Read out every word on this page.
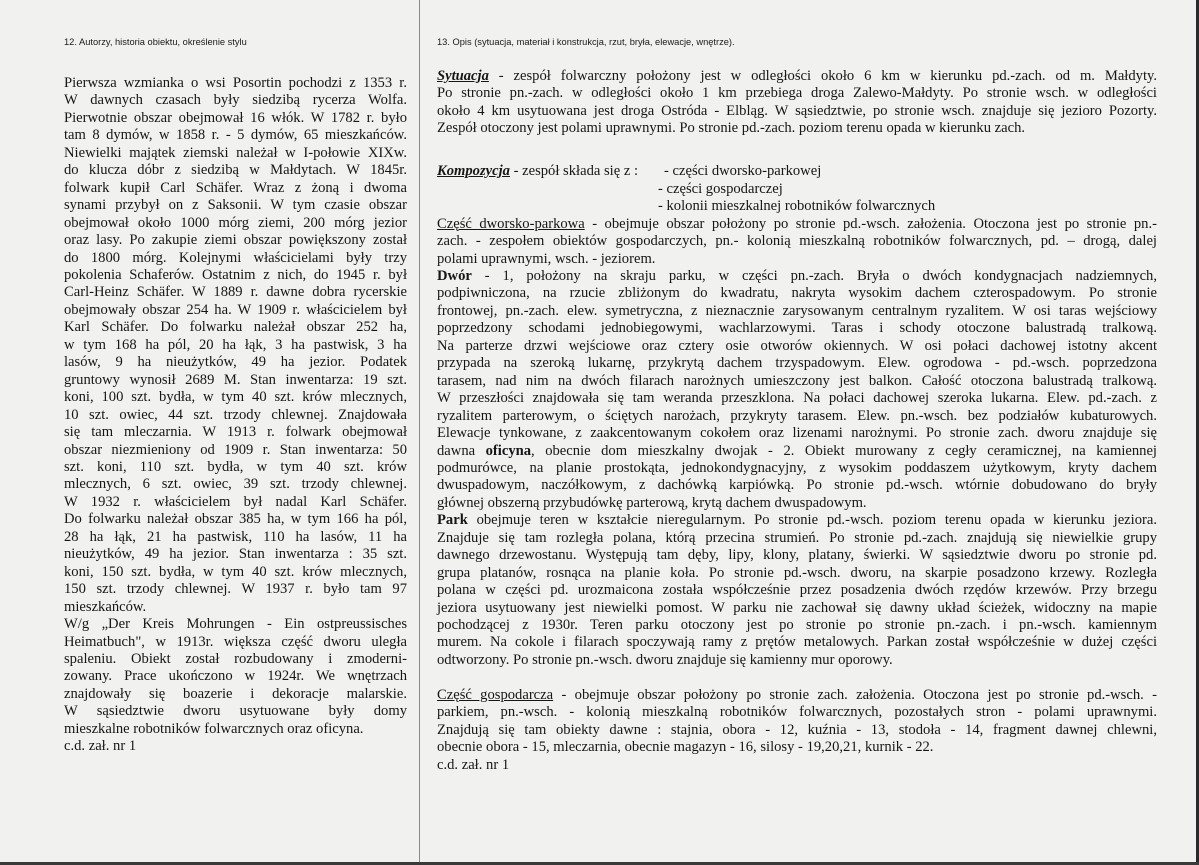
12. Autorzy, historia obiektu, określenie stylu	13. Opis (sytuacja, materiał i konstrukcja, rzut, bryła, elewacje, wnętrze).
Pierwsza wzmianka o wsi Posortin pochodzi z 1353 r.
W dawnych czasach były siedzibą rycerza Wolfa.
Pierwotnie obszar obejmował 16 włók. W 1782 r. było
tam 8 dymów, w 1858 r. - 5 dymów, 65 mieszkańców.
Niewielki majątek ziemski należał w I-połowie XIXw.
do klucza dóbr z siedzibą w Małdytach. W 1845r.
folwark kupił Carl Schäfer. Wraz z żoną i dwoma
synami przybył on z Saksonii. W tym czasie obszar
obejmował około 1000 mórg ziemi, 200 mórg jezior
oraz lasy. Po zakupie ziemi obszar powiększony został
do 1800 mórg. Kolejnymi właścicielami były trzy
pokolenia Schaferów. Ostatnim z nich, do 1945 r. był
Carl-Heinz Schäfer. W 1889 r. dawne dobra rycerskie
obejmowały obszar 254 ha. W 1909 r. właścicielem był
Karl Schäfer. Do folwarku należał obszar 252 ha,
w tym 168 ha pól, 20 ha łąk, 3 ha pastwisk, 3 ha
lasów, 9 ha nieużytków, 49 ha jezior. Podatek
gruntowy wynosił 2689 M. Stan inwentarza: 19 szt.
koni, 100 szt. bydła, w tym 40 szt. krów mlecznych,
10 szt. owiec, 44 szt. trzody chlewnej. Znajdowała
się tam mleczarnia. W 1913 r. folwark obejmował
obszar niezmieniony od 1909 r. Stan inwentarza: 50
szt. koni, 110 szt. bydła, w tym 40 szt. krów
mlecznych, 6 szt. owiec, 39 szt. trzody chlewnej.
W 1932 r. właścicielem był nadal Karl Schäfer.
Do folwarku należał obszar 385 ha, w tym 166 ha pól,
28 ha łąk, 21 ha pastwisk, 110 ha lasów, 11 ha
nieużytków, 49 ha jezior. Stan inwentarza : 35 szt.
koni, 150 szt. bydła, w tym 40 szt. krów mlecznych,
150 szt. trzody chlewnej. W 1937 r. było tam 97
mieszkańców.
W/g „Der Kreis Mohrungen - Ein ostpreussisches
Heimatbuch", w 1913r. większa część dworu uległa
spaleniu. Obiekt został rozbudowany i zmoderni-
zowany. Prace ukończono w 1924r. We wnętrzach
znajdowały się boazerie i dekoracje malarskie.
W sąsiedztwie dworu usytuowane były domy
mieszkalne robotników folwarcznych oraz oficyna.
c.d. zał. nr 1
Sytuacja - zespół folwarczny położony jest w odległości około 6 km w kierunku pd.-zach. od m. Małdyty.
Po stronie pn.-zach. w odległości około 1 km przebiega droga Zalewo-Małdyty. Po stronie wsch. w odległości
około 4 km usytuowana jest droga Ostróda - Elbląg. W sąsiedztwie, po stronie wsch. znajduje się jezioro Pozorty.
Zespół otoczony jest polami uprawnymi. Po stronie pd.-zach. poziom terenu opada w kierunku zach.
Kompozycja - zespół składa się z : - części dworsko-parkowej
- części gospodarczej
- kolonii mieszkalnej robotników folwarcznych
Część dworsko-parkowa - obejmuje obszar położony po stronie pd.-wsch. założenia. Otoczona jest po stronie pn.-
zach. - zespołem obiektów gospodarczych, pn.- kolonią mieszkalną robotników folwarcznych, pd. – drogą, dalej
polami uprawnymi, wsch. - jeziorem.
Dwór - 1, położony na skraju parku, w części pn.-zach. Bryła o dwóch kondygnacjach nadziemnych,
podpiwniczona, na rzucie zbliżonym do kwadratu, nakryta wysokim dachem czterospadowym. Po stronie
frontowej, pn.-zach. elew. symetryczna, z nieznacznie zarysowanym centralnym ryzalitem. W osi taras wejściowy
poprzedzony schodami jednobiegowymi, wachlarzowymi. Taras i schody otoczone balustradą tralkową.
Na parterze drzwi wejściowe oraz cztery osie otworów okiennych. W osi połaci dachowej istotny akcent
przypada na szeroką lukarnę, przykrytą dachem trzyspadowym. Elew. ogrodowa - pd.-wsch. poprzedzona
tarasem, nad nim na dwóch filarach narożnych umieszczony jest balkon. Całość otoczona balustradą tralkową.
W przeszłości znajdowała się tam weranda przeszklona. Na połaci dachowej szeroka lukarna. Elew. pd.-zach. z
ryzalitem parterowym, o ściętych narożach, przykryty tarasem. Elew. pn.-wsch. bez podziałów kubaturowych.
Elewacje tynkowane, z zaakcentowanym cokołem oraz lizenami narożnymi. Po stronie zach. dworu znajduje się
dawna oficyna, obecnie dom mieszkalny dwojak - 2. Obiekt murowany z cegły ceramicznej, na kamiennej
podmurówce, na planie prostokąta, jednokondygnacyjny, z wysokim poddaszem użytkowym, kryty dachem
dwuspadowym, naczółkowym, z dachówką karpiówką. Po stronie pd.-wsch. wtórnie dobudowano do bryły
głównej obszerną przybudówkę parterową, krytą dachem dwuspadowym.
Park obejmuje teren w kształcie nieregularnym. Po stronie pd.-wsch. poziom terenu opada w kierunku jeziora.
Znajduje się tam rozległa polana, którą przecina strumień. Po stronie pd.-zach. znajdują się niewielkie grupy
dawnego drzewostanu. Występują tam dęby, lipy, klony, platany, świerki. W sąsiedztwie dworu po stronie pd.
grupa platanów, rosnąca na planie koła. Po stronie pd.-wsch. dworu, na skarpie posadzono krzewy. Rozległa
polana w części pd. urozmaicona została współcześnie przez posadzenia dwóch rzędów krzewów. Przy brzegu
jeziora usytuowany jest niewielki pomost. W parku nie zachował się dawny układ ścieżek, widoczny na mapie
pochodzącej z 1930r. Teren parku otoczony jest po stronie po stronie pn.-zach. i pn.-wsch. kamiennym
murem. Na cokole i filarach spoczywają ramy z prętów metalowych. Parkan został współcześnie w dużej części
odtworzony. Po stronie pn.-wsch. dworu znajduje się kamienny mur oporowy.
Część gospodarcza - obejmuje obszar położony po stronie zach. założenia. Otoczona jest po stronie pd.-wsch. -
parkiem, pn.-wsch. - kolonią mieszkalną robotników folwarcznych, pozostałych stron - polami uprawnymi.
Znajdują się tam obiekty dawne : stajnia, obora - 12, kuźnia - 13, stodoła - 14, fragment dawnej chlewni,
obecnie obora - 15, mleczarnia, obecnie magazyn - 16, silosy - 19,20,21, kurnik - 22.
c.d. zał. nr 1
